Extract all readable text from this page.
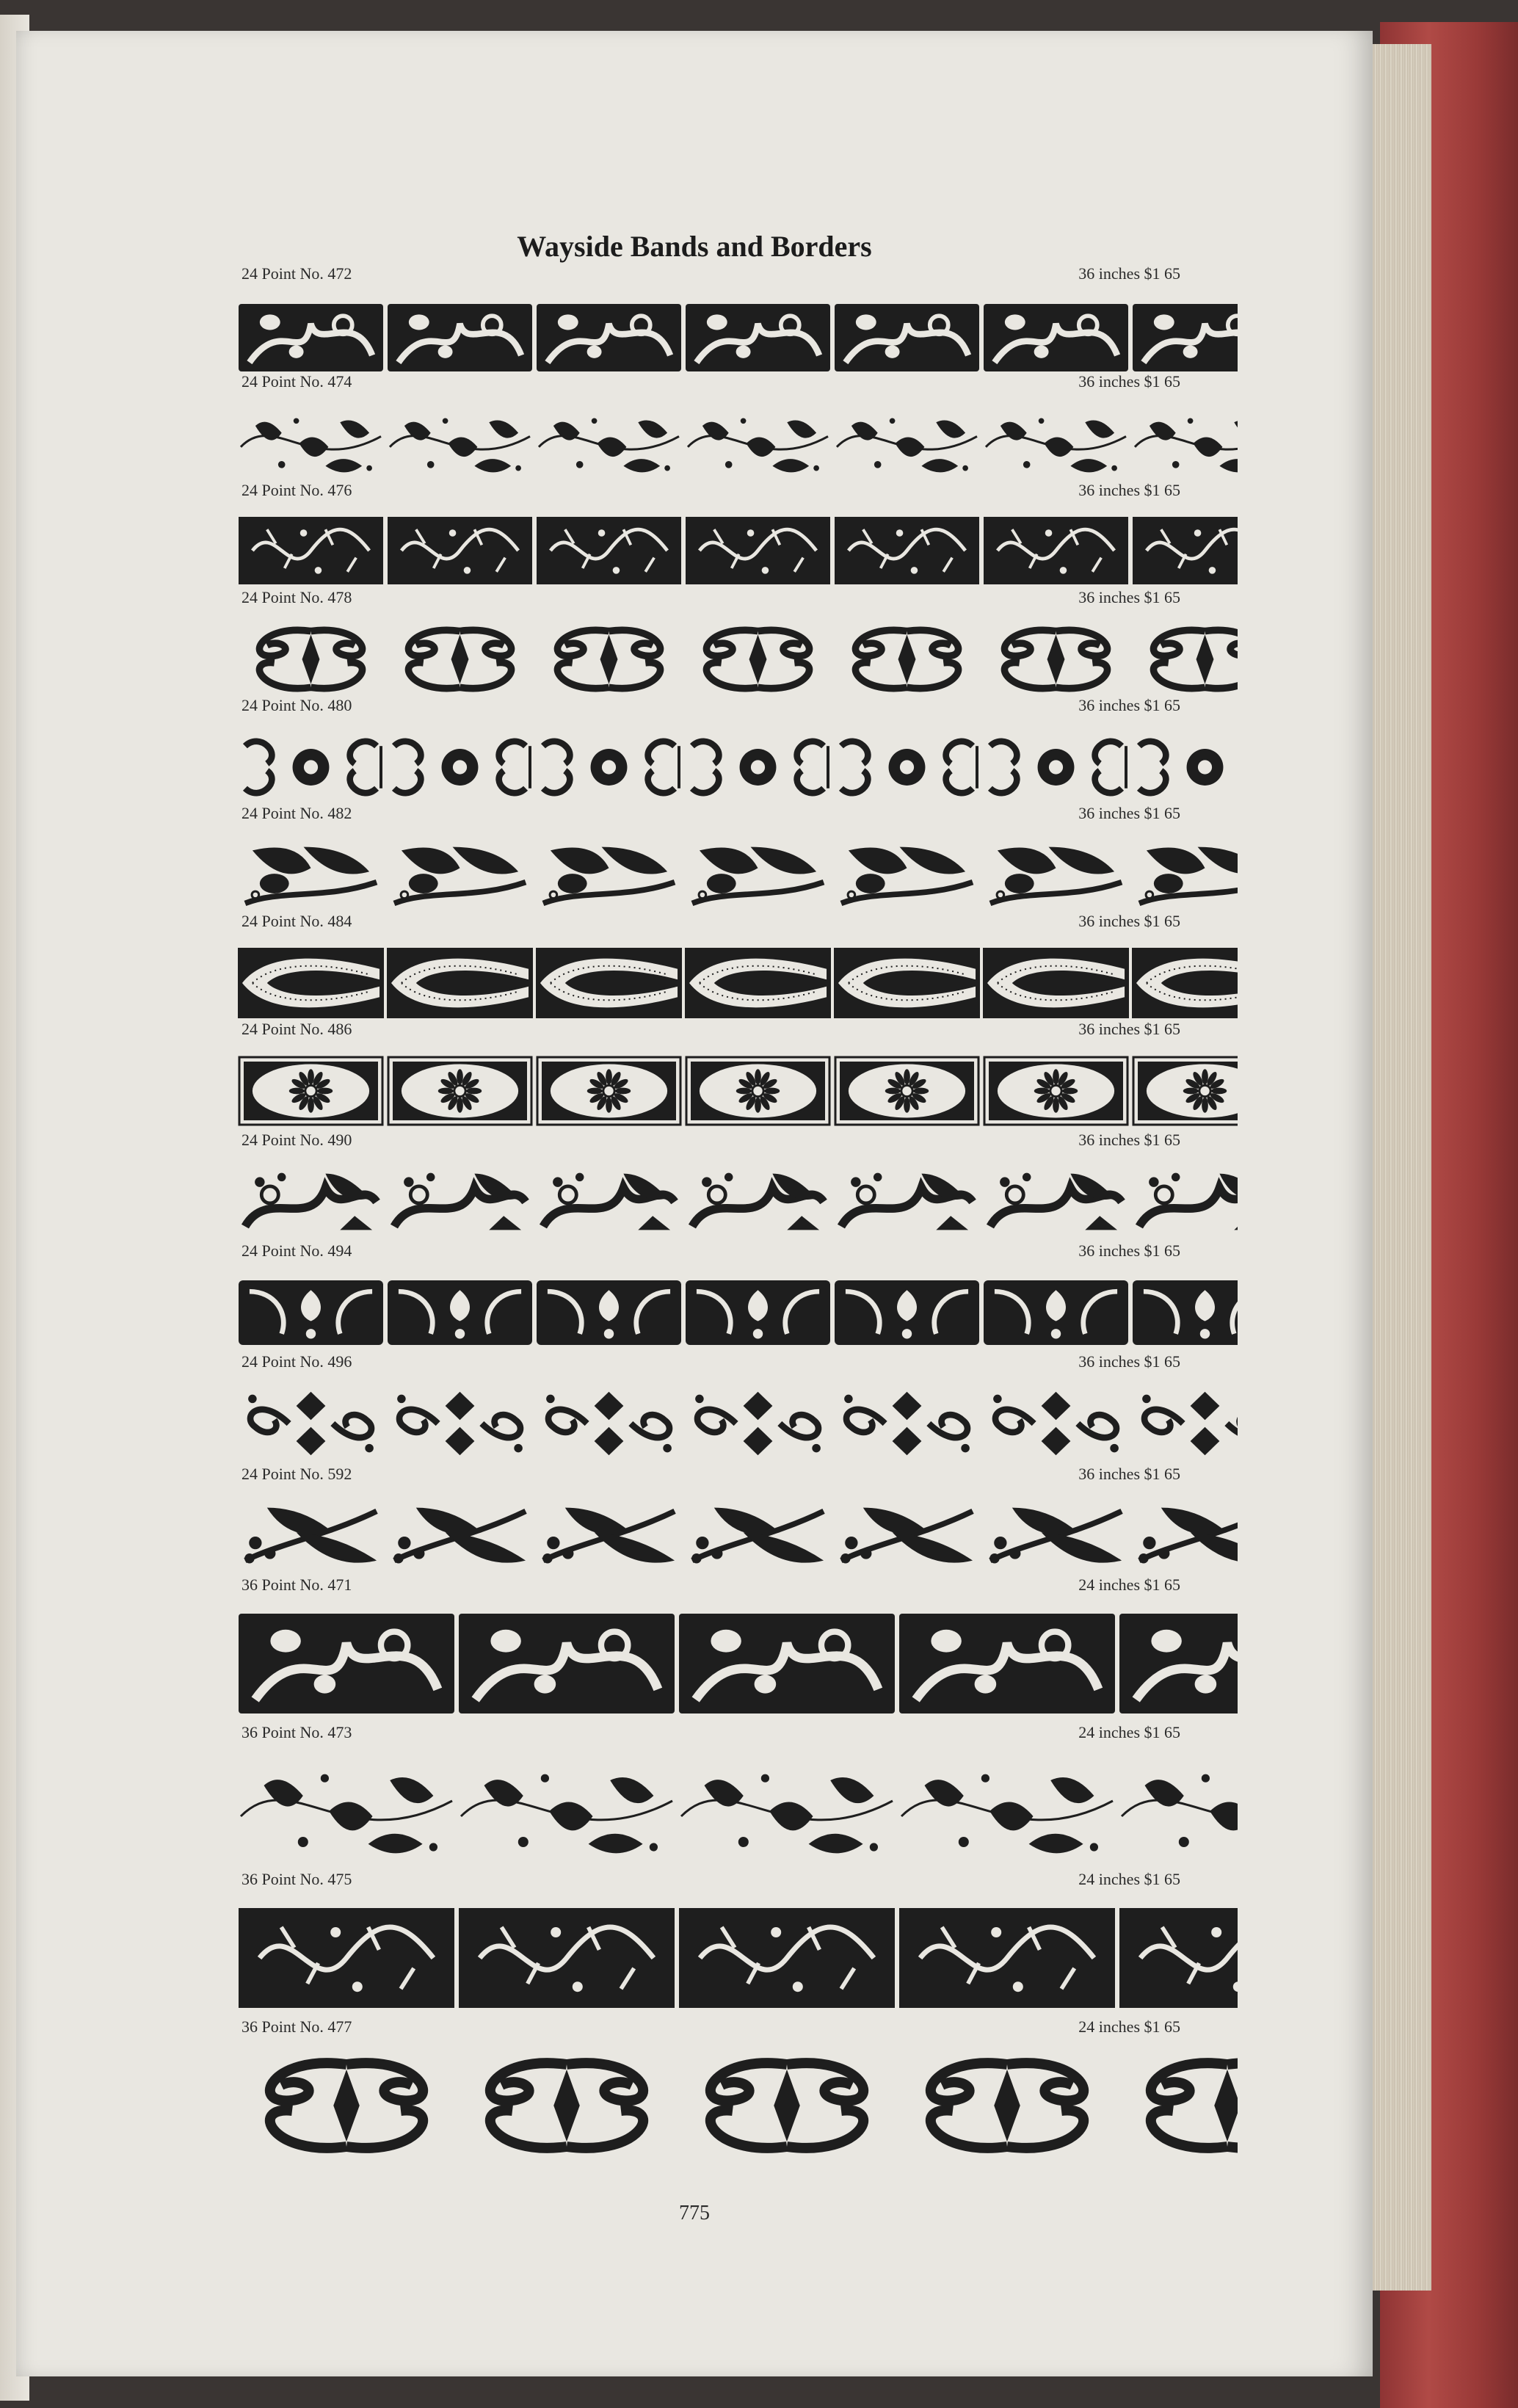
Wayside Bands and Borders
24 Point No. 472	36 inches $1 65
24 Point No. 474	36 inches $1 65
24 Point No. 476	36 inches $1 65
24 Point No. 478	36 inches $1 65
24 Point No. 480	36 inches $1 65
24 Point No. 482	36 inches $1 65
24 Point No. 484	36 inches $1 65
24 Point No. 486	36 inches $1 65
24 Point No. 490	36 inches $1 65
24 Point No. 494	36 inches $1 65
24 Point No. 496	36 inches $1 65
24 Point No. 592	36 inches $1 65
36 Point No. 471	24 inches $1 65
36 Point No. 473	24 inches $1 65
36 Point No. 475	24 inches $1 65
36 Point No. 477	24 inches $1 65
775
